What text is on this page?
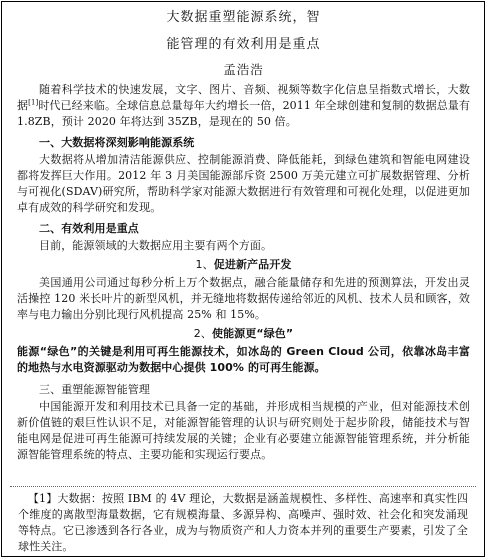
大数据重塑能源系统，智
能管理的有效利用是重点
孟浩浩

随着科学技术的快速发展，文字、图片、音频、视频等数字化信息呈指数式增长，大数据[1]时代已经来临。全球信息总量每年大约增长一倍，2011 年全球创建和复制的数据总量有 1.8ZB，预计 2020 年将达到 35ZB，是现在的 50 倍。

一、大数据将深刻影响能源系统

大数据将从增加清洁能源供应、控制能源消费、降低能耗，到绿色建筑和智能电网建设都将发挥巨大作用。2012 年 3 月美国能源部斥资 2500 万美元建立可扩展数据管理、分析与可视化(SDAV)研究所，帮助科学家对能源大数据进行有效管理和可视化处理，以促进更加卓有成效的科学研究和发现。

二、有效利用是重点

目前，能源领域的大数据应用主要有两个方面。

1、促进新产品开发

美国通用公司通过每秒分析上万个数据点，融合能量储存和先进的预测算法，开发出灵活操控 120 米长叶片的新型风机，并无缝地将数据传递给邻近的风机、技术人员和顾客，效率与电力输出分别比现行风机提高 25% 和 15%。

2、使能源更“绿色”

能源“绿色”的关键是利用可再生能源技术，如冰岛的 Green Cloud 公司，依靠冰岛丰富的地热与水电资源驱动为数据中心提供 100% 的可再生能源。

三、重塑能源智能管理

中国能源开发和利用技术已具备一定的基础，并形成相当规模的产业，但对能源技术创新价值链的艰巨性认识不足，对能源智能管理的认识与研究则处于起步阶段，储能技术与智能电网是促进可再生能源可持续发展的关键；企业有必要建立能源智能管理系统，并分析能源智能管理系统的特点、主要功能和实现运行要点。

【1】大数据：按照 IBM 的 4V 理论，大数据是涵盖规模性、多样性、高速率和真实性四个维度的离散型海量数据，它有规模海量、多源异构、高噪声、强时效、社会化和突发涌现等特点。它已渗透到各行各业，成为与物质资产和人力资本并列的重要生产要素，引发了全球性关注。
